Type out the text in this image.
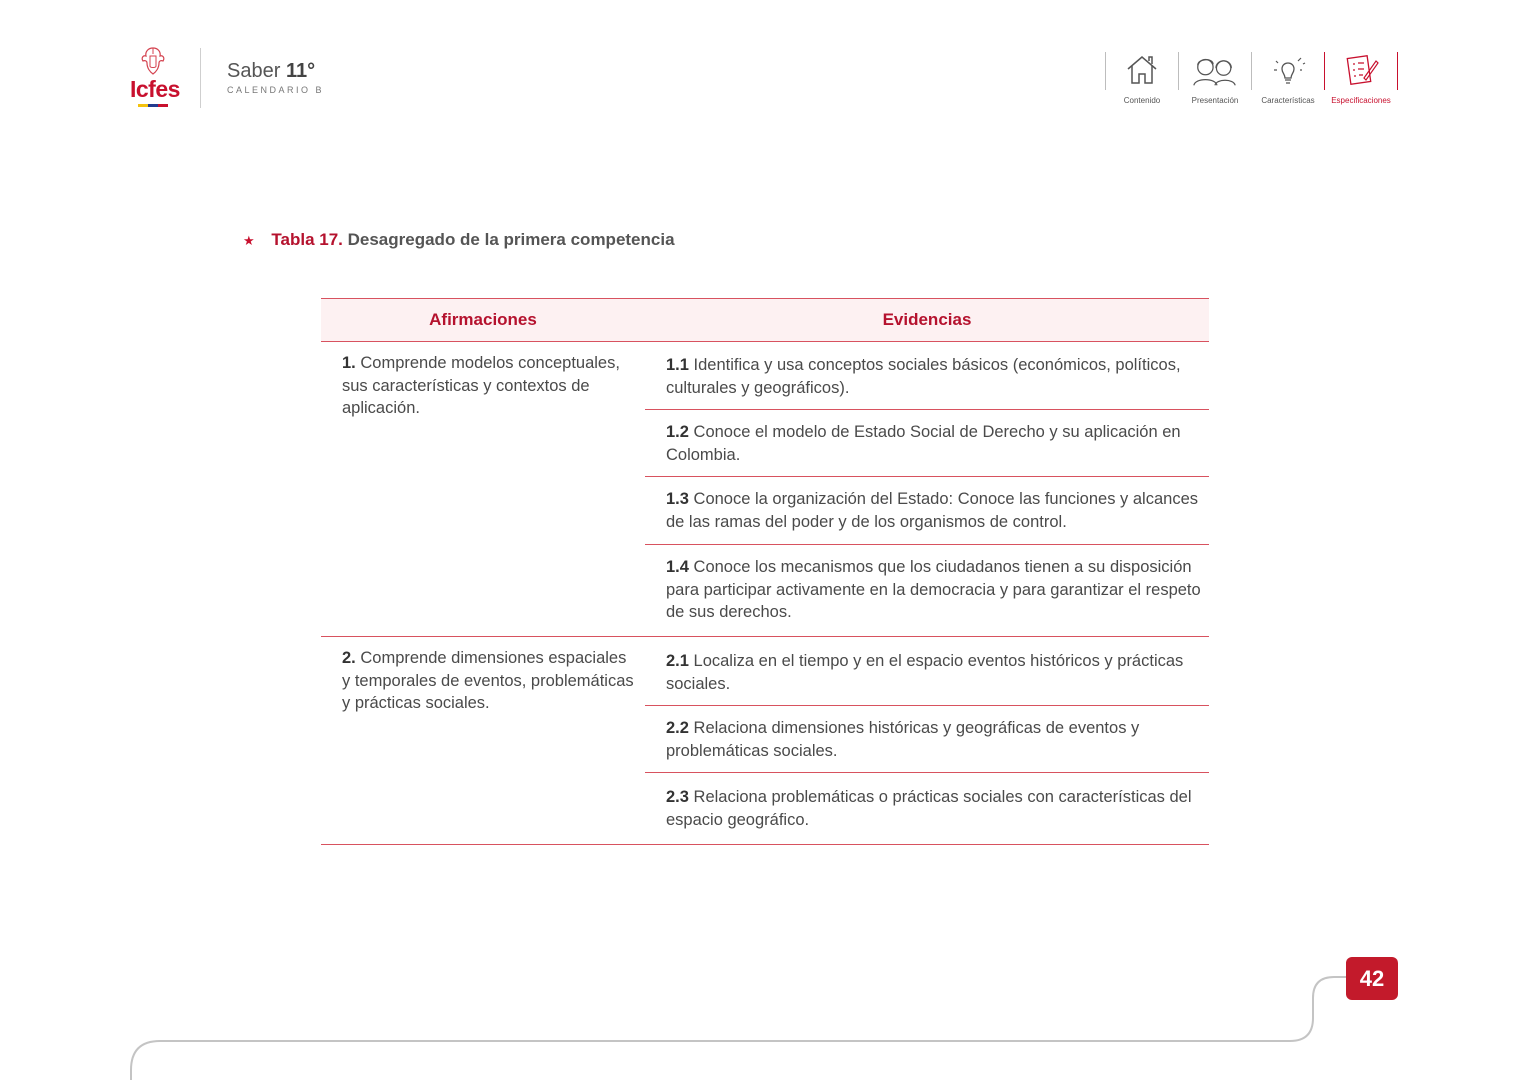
Icfes
Saber 11°
CALENDARIO B
Contenido	Presentación	Características Especificaciones
★ Tabla 17. Desagregado de la primera competencia
Afirmaciones	Evidencias
1. Comprende modelos conceptuales, sus características y contextos de aplicación.	1.1 Identifica y usa conceptos sociales básicos (económicos, políticos, culturales y geográficos).
	1.2 Conoce el modelo de Estado Social de Derecho y su aplicación en Colombia.
	1.3 Conoce la organización del Estado: Conoce las funciones y alcances de las ramas del poder y de los organismos de control.
	1.4 Conoce los mecanismos que los ciudadanos tienen a su disposición para participar activamente en la democracia y para garantizar el respeto de sus derechos.
2. Comprende dimensiones espaciales y temporales de eventos, problemáticas y prácticas sociales.	2.1 Localiza en el tiempo y en el espacio eventos históricos y prácticas sociales.
	2.2 Relaciona dimensiones históricas y geográficas de eventos y problemáticas sociales.
	2.3 Relaciona problemáticas o prácticas sociales con características del espacio geográfico.
42
